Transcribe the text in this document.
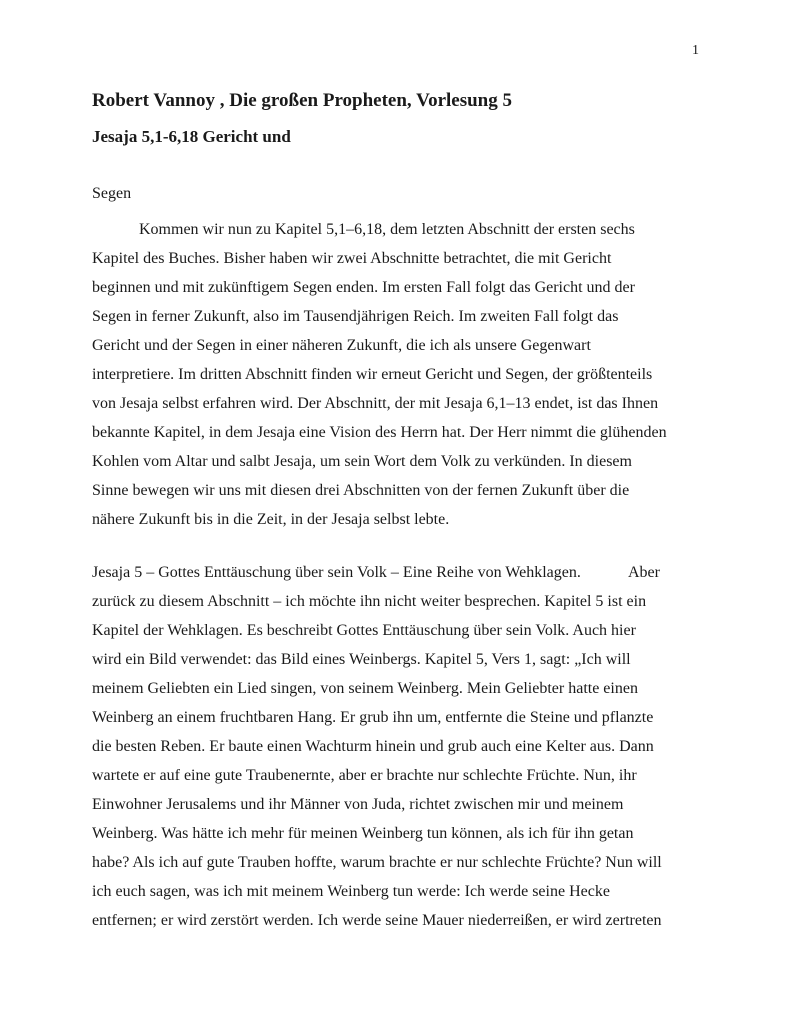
1
Robert Vannoy , Die großen Propheten, Vorlesung 5
Jesaja 5,1-6,18 Gericht und
Segen
Kommen wir nun zu Kapitel 5,1–6,18, dem letzten Abschnitt der ersten sechs
Kapitel des Buches. Bisher haben wir zwei Abschnitte betrachtet, die mit Gericht
beginnen und mit zukünftigem Segen enden. Im ersten Fall folgt das Gericht und der
Segen in ferner Zukunft, also im Tausendjährigen Reich. Im zweiten Fall folgt das
Gericht und der Segen in einer näheren Zukunft, die ich als unsere Gegenwart
interpretiere. Im dritten Abschnitt finden wir erneut Gericht und Segen, der größtenteils
von Jesaja selbst erfahren wird. Der Abschnitt, der mit Jesaja 6,1–13 endet, ist das Ihnen
bekannte Kapitel, in dem Jesaja eine Vision des Herrn hat. Der Herr nimmt die glühenden
Kohlen vom Altar und salbt Jesaja, um sein Wort dem Volk zu verkünden. In diesem
Sinne bewegen wir uns mit diesen drei Abschnitten von der fernen Zukunft über die
nähere Zukunft bis in die Zeit, in der Jesaja selbst lebte.
Jesaja 5 – Gottes Enttäuschung über sein Volk – Eine Reihe von Wehklagen.            Aber
zurück zu diesem Abschnitt – ich möchte ihn nicht weiter besprechen. Kapitel 5 ist ein
Kapitel der Wehklagen. Es beschreibt Gottes Enttäuschung über sein Volk. Auch hier
wird ein Bild verwendet: das Bild eines Weinbergs. Kapitel 5, Vers 1, sagt: „Ich will
meinem Geliebten ein Lied singen, von seinem Weinberg. Mein Geliebter hatte einen
Weinberg an einem fruchtbaren Hang. Er grub ihn um, entfernte die Steine und pflanzte
die besten Reben. Er baute einen Wachturm hinein und grub auch eine Kelter aus. Dann
wartete er auf eine gute Traubenernte, aber er brachte nur schlechte Früchte. Nun, ihr
Einwohner Jerusalems und ihr Männer von Juda, richtet zwischen mir und meinem
Weinberg. Was hätte ich mehr für meinen Weinberg tun können, als ich für ihn getan
habe? Als ich auf gute Trauben hoffte, warum brachte er nur schlechte Früchte? Nun will
ich euch sagen, was ich mit meinem Weinberg tun werde: Ich werde seine Hecke
entfernen; er wird zerstört werden. Ich werde seine Mauer niederreißen, er wird zertreten
